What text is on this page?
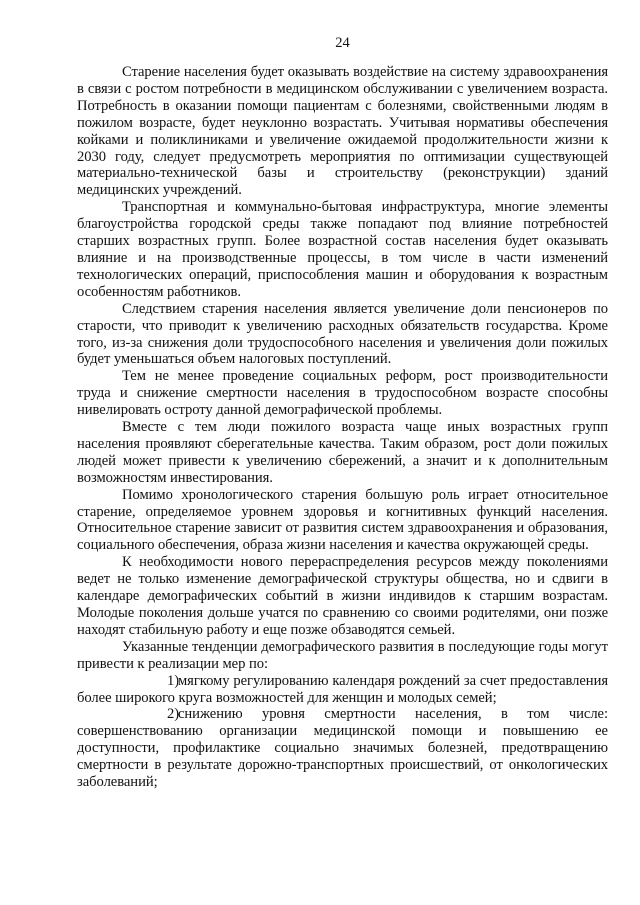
24

Старение населения будет оказывать воздействие на систему здравоохранения в связи с ростом потребности в медицинском обслуживании с увеличением возраста. Потребность в оказании помощи пациентам с болезнями, свойственными людям в пожилом возрасте, будет неуклонно возрастать. Учитывая нормативы обеспечения койками и поликлиниками и увеличение ожидаемой продолжительности жизни к 2030 году, следует предусмотреть мероприятия по оптимизации существующей материально-технической базы и строительству (реконструкции) зданий медицинских учреждений.

Транспортная и коммунально-бытовая инфраструктура, многие элементы благоустройства городской среды также попадают под влияние потребностей старших возрастных групп. Более возрастной состав населения будет оказывать влияние и на производственные процессы, в том числе в части изменений технологических операций, приспособления машин и оборудования к возрастным особенностям работников.

Следствием старения населения является увеличение доли пенсионеров по старости, что приводит к увеличению расходных обязательств государства. Кроме того, из-за снижения доли трудоспособного населения и увеличения доли пожилых будет уменьшаться объем налоговых поступлений.

Тем не менее проведение социальных реформ, рост производительности труда и снижение смертности населения в трудоспособном возрасте способны нивелировать остроту данной демографической проблемы.

Вместе с тем люди пожилого возраста чаще иных возрастных групп населения проявляют сберегательные качества. Таким образом, рост доли пожилых людей может привести к увеличению сбережений, а значит и к дополнительным возможностям инвестирования.

Помимо хронологического старения большую роль играет относительное старение, определяемое уровнем здоровья и когнитивных функций населения. Относительное старение зависит от развития систем здравоохранения и образования, социального обеспечения, образа жизни населения и качества окружающей среды.

К необходимости нового перераспределения ресурсов между поколениями ведет не только изменение демографической структуры общества, но и сдвиги в календаре демографических событий в жизни индивидов к старшим возрастам. Молодые поколения дольше учатся по сравнению со своими родителями, они позже находят стабильную работу и еще позже обзаводятся семьей.

Указанные тенденции демографического развития в последующие годы могут привести к реализации мер по:

1)мягкому регулированию календаря рождений за счет предоставления более широкого круга возможностей для женщин и молодых семей;

2)снижению уровня смертности населения, в том числе: совершенствованию организации медицинской помощи и повышению ее доступности, профилактике социально значимых болезней, предотвращению смертности в результате дорожно-транспортных происшествий, от онкологических заболеваний;
